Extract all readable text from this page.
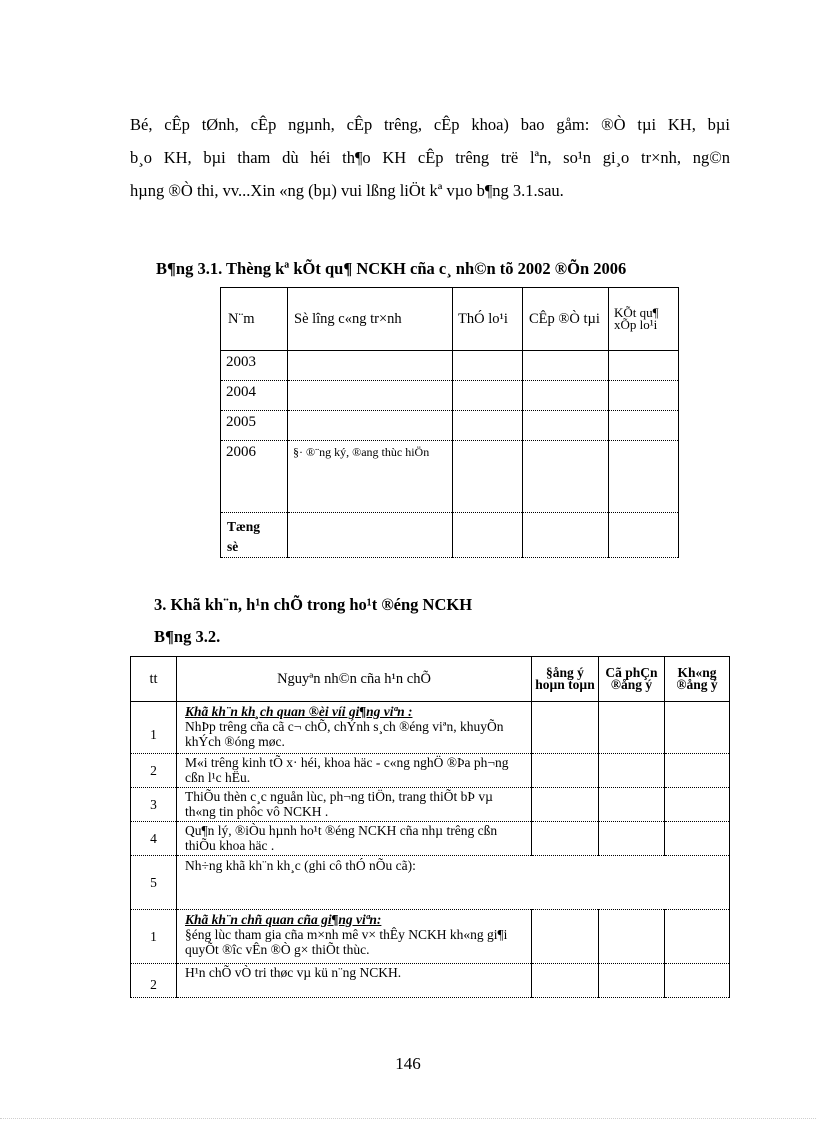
Bé, cÊp tØnh, cÊp ngµnh, cÊp trêng, cÊp khoa) bao gåm: ®Ò tµi KH, bµi
b¸o KH, bµi tham dù héi th¶o KH cÊp trêng trë lªn, so¹n gi¸o tr×nh, ng©n
hµng ®Ò thi, vv...Xin «ng (bµ) vui lßng liÖt kª vµo b¶ng 3.1.sau.

B¶ng 3.1. Thèng kª kÕt qu¶ NCKH cña c¸ nh©n tõ 2002 ®Õn 2006

N¨m	Sè lîng c«ng tr×nh	ThÓ lo¹i	CÊp ®Ò tµi	KÕt qu¶ xÕp lo¹i
2003				
2004				
2005				
2006	§· ®¨ng ký, ®ang thùc hiÖn			
Tæng sè				

3. Khã kh¨n, h¹n chÕ trong ho¹t ®éng NCKH

B¶ng 3.2.

tt	Nguyªn nh©n cña h¹n chÕ	§ång ý hoµn toµn	Cã phÇn ®ång ý	Kh«ng ®ång ý
1	Khã kh¨n kh¸ch quan ®èi víi gi¶ng viªn :
NhÞp trêng cña cã c¬ chÕ, chÝnh s¸ch ®éng viªn, khuyÕn khÝch ®óng møc.			
2	M«i trêng kinh tÕ x· héi, khoa häc - c«ng nghÖ ®Þa ph¬ng cßn l¹c hËu.			
3	ThiÕu thèn c¸c nguån lùc, ph¬ng tiÖn, trang thiÕt bÞ vµ th«ng tin phôc vô NCKH .			
4	Qu¶n lý, ®iÒu hµnh ho¹t ®éng NCKH cña nhµ trêng cßn thiÕu khoa häc .			
5	Nh÷ng khã kh¨n kh¸c (ghi cô thÓ nÕu cã):			
1	Khã kh¨n chñ quan cña gi¶ng viªn:
§éng lùc tham gia cña m×nh mê v× thÊy NCKH kh«ng gi¶i quyÕt ®îc vÊn ®Ò g× thiÕt thùc.			
2	H¹n chÕ vÒ tri thøc vµ kü n¨ng NCKH.			
146
